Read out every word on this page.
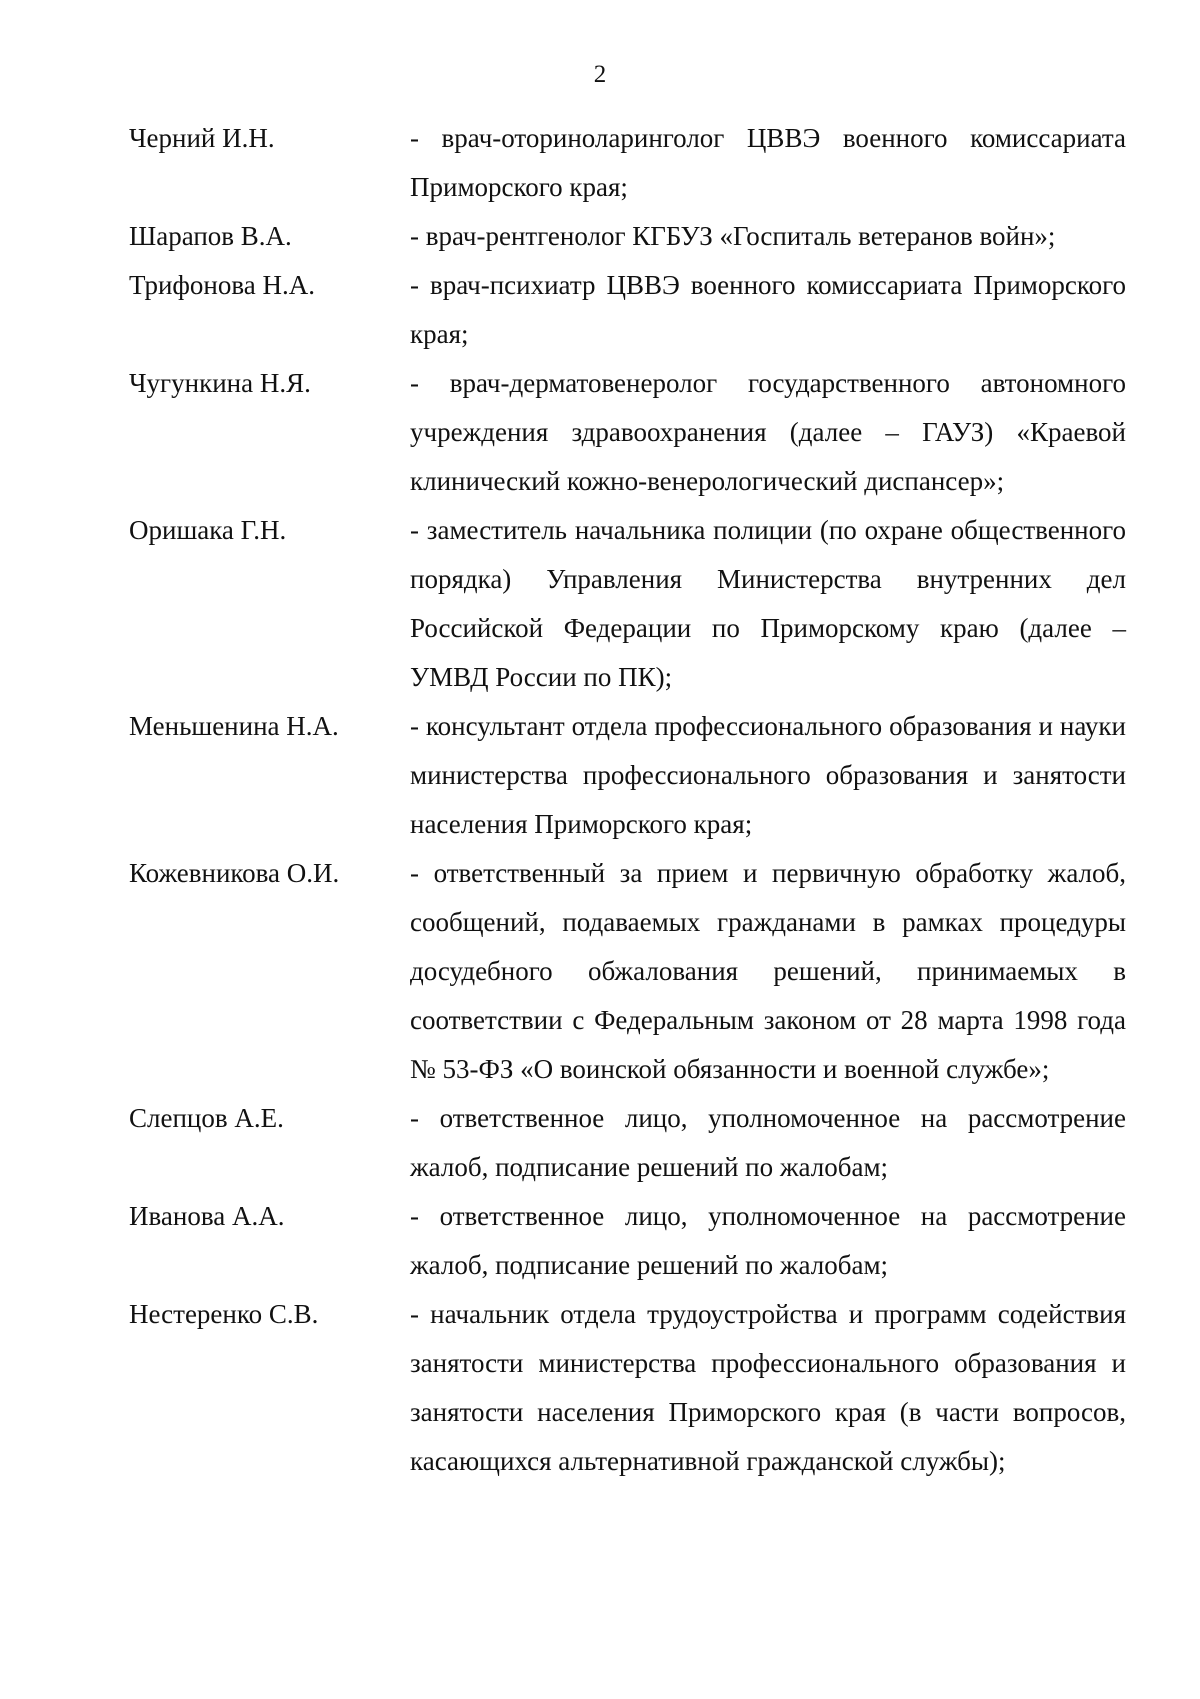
2
Черний И.Н.	- врач-оториноларинголог ЦВВЭ военного комиссариата Приморского края;
Шарапов В.А.	- врач-рентгенолог КГБУЗ «Госпиталь ветеранов войн»;
Трифонова Н.А.	- врач-психиатр ЦВВЭ военного комиссариата Приморского края;
Чугункина Н.Я.	- врач-дерматовенеролог государственного автономного учреждения здравоохранения (далее – ГАУЗ) «Краевой клинический кожно-венерологический диспансер»;
Оришака Г.Н.	- заместитель начальника полиции (по охране общественного порядка) Управления Министерства внутренних дел Российской Федерации по Приморскому краю (далее – УМВД России по ПК);
Меньшенина Н.А.	- консультант отдела профессионального образования и науки министерства профессионального образования и занятости населения Приморского края;
Кожевникова О.И.	- ответственный за прием и первичную обработку жалоб, сообщений, подаваемых гражданами в рамках процедуры досудебного обжалования решений, принимаемых в соответствии с Федеральным законом от 28 марта 1998 года № 53-ФЗ «О воинской обязанности и военной службе»;
Слепцов А.Е.	- ответственное лицо, уполномоченное на рассмотрение жалоб, подписание решений по жалобам;
Иванова А.А.	- ответственное лицо, уполномоченное на рассмотрение жалоб, подписание решений по жалобам;
Нестеренко С.В.	- начальник отдела трудоустройства и программ содействия занятости министерства профессионального образования и занятости населения Приморского края (в части вопросов, касающихся альтернативной гражданской службы);
